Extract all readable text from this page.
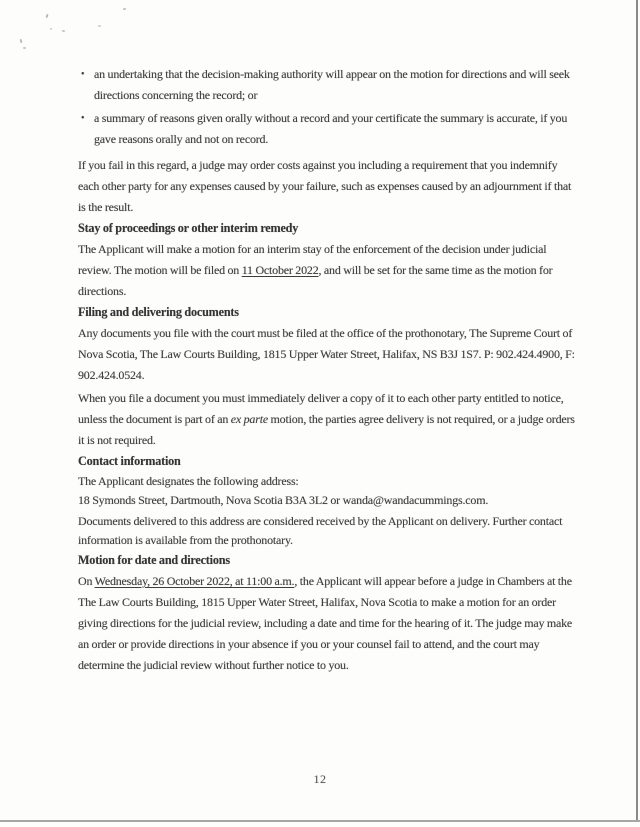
• an undertaking that the decision-making authority will appear on the motion for directions and will seek directions concerning the record; or
• a summary of reasons given orally without a record and your certificate the summary is accurate, if you gave reasons orally and not on record.

If you fail in this regard, a judge may order costs against you including a requirement that you indemnify each other party for any expenses caused by your failure, such as expenses caused by an adjournment if that is the result.

Stay of proceedings or other interim remedy

The Applicant will make a motion for an interim stay of the enforcement of the decision under judicial review. The motion will be filed on 11 October 2022, and will be set for the same time as the motion for directions.

Filing and delivering documents

Any documents you file with the court must be filed at the office of the prothonotary, The Supreme Court of Nova Scotia, The Law Courts Building, 1815 Upper Water Street, Halifax, NS B3J 1S7. P: 902.424.4900, F: 902.424.0524.

When you file a document you must immediately deliver a copy of it to each other party entitled to notice, unless the document is part of an ex parte motion, the parties agree delivery is not required, or a judge orders it is not required.

Contact information

The Applicant designates the following address:

18 Symonds Street, Dartmouth, Nova Scotia B3A 3L2 or wanda@wandacummings.com.

Documents delivered to this address are considered received by the Applicant on delivery. Further contact information is available from the prothonotary.

Motion for date and directions

On Wednesday, 26 October 2022, at 11:00 a.m., the Applicant will appear before a judge in Chambers at the The Law Courts Building, 1815 Upper Water Street, Halifax, Nova Scotia to make a motion for an order giving directions for the judicial review, including a date and time for the hearing of it. The judge may make an order or provide directions in your absence if you or your counsel fail to attend, and the court may determine the judicial review without further notice to you.

12
